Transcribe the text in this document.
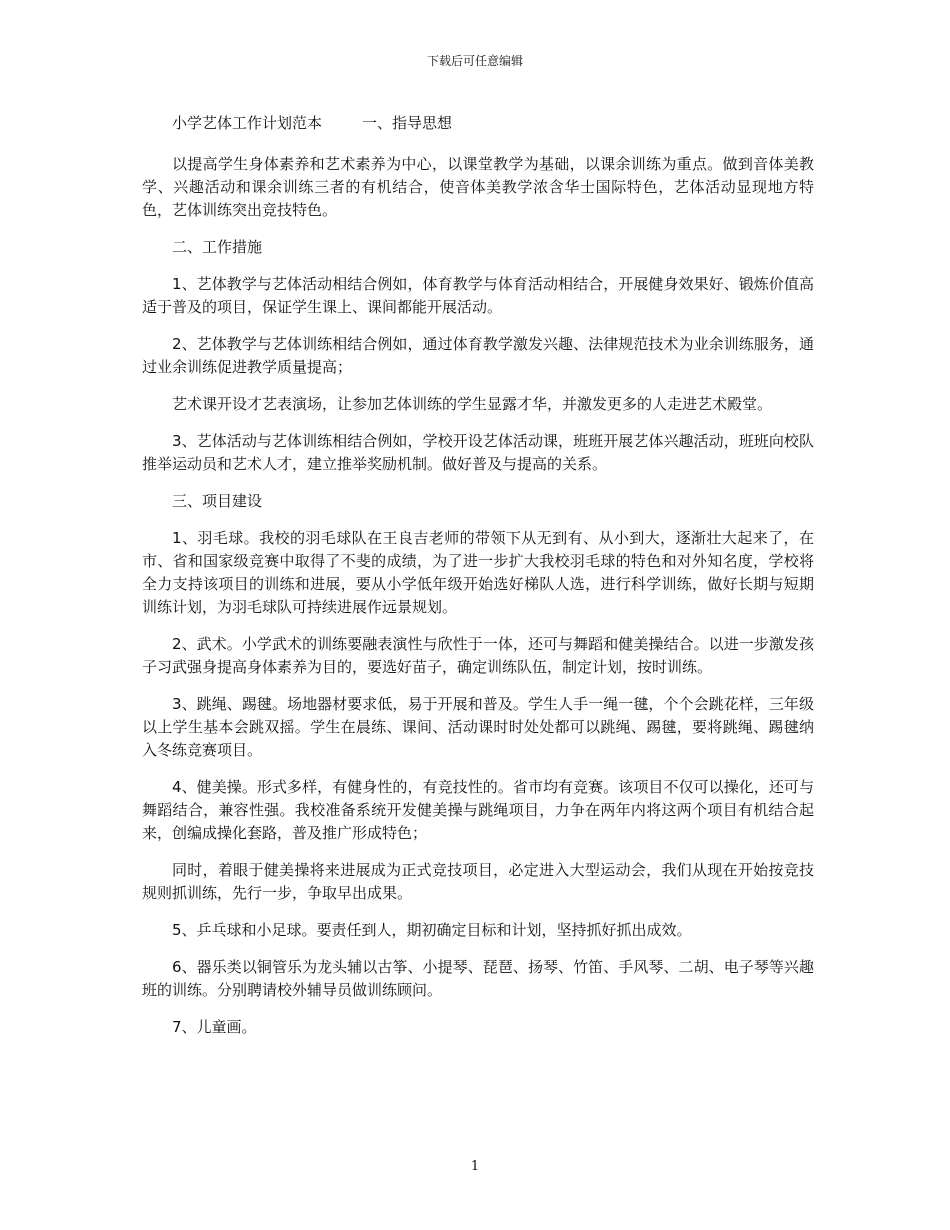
下载后可任意编辑
小学艺体工作计划范本	一、指导思想

以提高学生身体素养和艺术素养为中心，以课堂教学为基础，以课余训练为重点。做到音体美教学、兴趣活动和课余训练三者的有机结合，使音体美教学浓含华士国际特色，艺体活动显现地方特色，艺体训练突出竞技特色。

二、工作措施

1、艺体教学与艺体活动相结合例如，体育教学与体育活动相结合，开展健身效果好、锻炼价值高适于普及的项目，保证学生课上、课间都能开展活动。

2、艺体教学与艺体训练相结合例如，通过体育教学激发兴趣、法律规范技术为业余训练服务，通过业余训练促进教学质量提高；

艺术课开设才艺表演场，让参加艺体训练的学生显露才华，并激发更多的人走进艺术殿堂。

3、艺体活动与艺体训练相结合例如，学校开设艺体活动课，班班开展艺体兴趣活动，班班向校队推举运动员和艺术人才，建立推举奖励机制。做好普及与提高的关系。

三、项目建设

1、羽毛球。我校的羽毛球队在王良吉老师的带领下从无到有、从小到大，逐渐壮大起来了，在市、省和国家级竞赛中取得了不斐的成绩，为了进一步扩大我校羽毛球的特色和对外知名度，学校将全力支持该项目的训练和进展，要从小学低年级开始选好梯队人选，进行科学训练，做好长期与短期训练计划，为羽毛球队可持续进展作远景规划。

2、武术。小学武术的训练要融表演性与欣性于一体，还可与舞蹈和健美操结合。以进一步激发孩子习武强身提高身体素养为目的，要选好苗子，确定训练队伍，制定计划，按时训练。

3、跳绳、踢毽。场地器材要求低，易于开展和普及。学生人手一绳一毽，个个会跳花样，三年级以上学生基本会跳双摇。学生在晨练、课间、活动课时时处处都可以跳绳、踢毽，要将跳绳、踢毽纳入冬练竞赛项目。

4、健美操。形式多样，有健身性的，有竞技性的。省市均有竞赛。该项目不仅可以操化，还可与舞蹈结合，兼容性强。我校准备系统开发健美操与跳绳项目，力争在两年内将这两个项目有机结合起来，创编成操化套路，普及推广形成特色；

同时，着眼于健美操将来进展成为正式竞技项目，必定进入大型运动会，我们从现在开始按竞技规则抓训练，先行一步，争取早出成果。

5、乒乓球和小足球。要责任到人，期初确定目标和计划，坚持抓好抓出成效。

6、器乐类以铜管乐为龙头辅以古筝、小提琴、琵琶、扬琴、竹笛、手风琴、二胡、电子琴等兴趣班的训练。分别聘请校外辅导员做训练顾问。

7、儿童画。

1
